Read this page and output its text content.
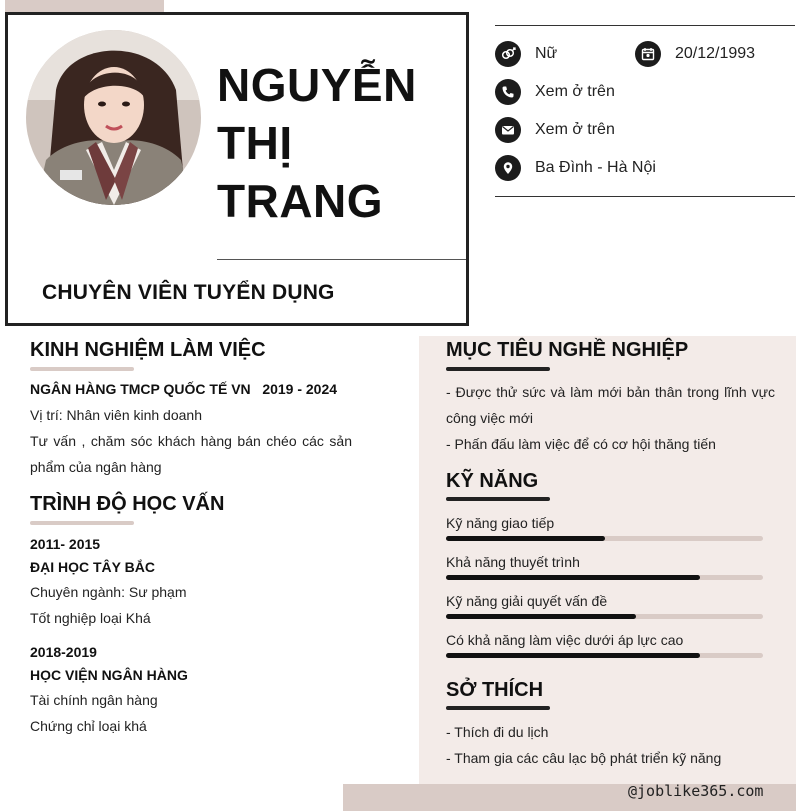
NGUYỄN
THỊ
TRANG
CHUYÊN VIÊN TUYỂN DỤNG
Nữ	20/12/1993
Xem ở trên
Xem ở trên
Ba Đình - Hà Nội
KINH NGHIỆM LÀM VIỆC
NGÂN HÀNG TMCP QUỐC TẾ VN 2019 - 2024
Vị trí: Nhân viên kinh doanh
Tư vấn , chăm sóc khách hàng bán chéo các sản phẩm của ngân hàng
TRÌNH ĐỘ HỌC VẤN
2011- 2015
ĐẠI HỌC TÂY BẮC
Chuyên ngành: Sư phạm
Tốt nghiệp loại Khá
2018-2019
HỌC VIỆN NGÂN HÀNG
Tài chính ngân hàng
Chứng chỉ loại khá
MỤC TIÊU NGHỀ NGHIỆP
- Được thử sức và làm mới bản thân trong lĩnh vực công việc mới
- Phấn đấu làm việc để có cơ hội thăng tiến
KỸ NĂNG
Kỹ năng giao tiếp
Khả năng thuyết trình
Kỹ năng giải quyết vấn đề
Có khả năng làm việc dưới áp lực cao
SỞ THÍCH
- Thích đi du lịch
- Tham gia các câu lạc bộ phát triển kỹ năng
@joblike365.com
